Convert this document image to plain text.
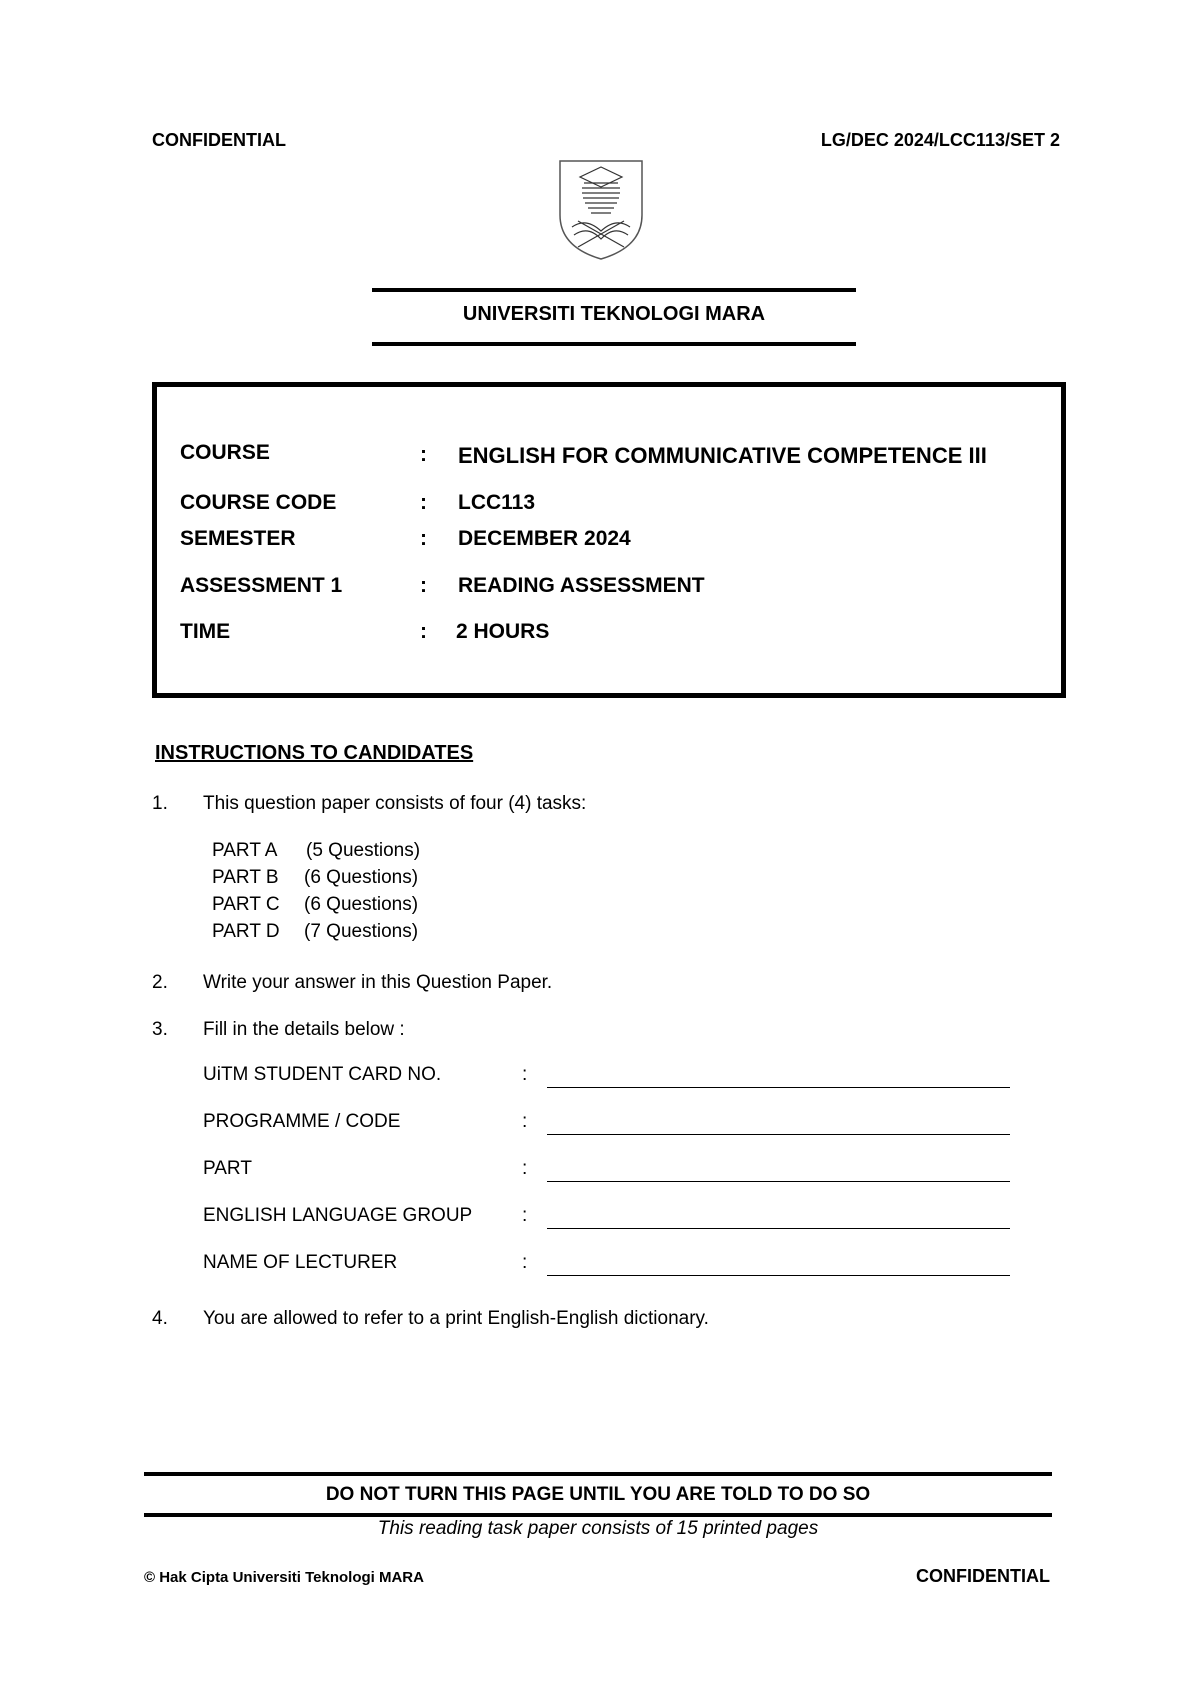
CONFIDENTIAL	LG/DEC 2024/LCC113/SET 2
UNIVERSITI TEKNOLOGI MARA
COURSE	: ENGLISH FOR COMMUNICATIVE COMPETENCE III
COURSE CODE	: LCC113
SEMESTER	: DECEMBER 2024
ASSESSMENT 1	: READING ASSESSMENT
TIME	: 2 HOURS
INSTRUCTIONS TO CANDIDATES
1. This question paper consists of four (4) tasks:
PART A (5 Questions)
PART B (6 Questions)
PART C (6 Questions)
PART D (7 Questions)
2. Write your answer in this Question Paper.
3. Fill in the details below :
UiTM STUDENT CARD NO.	:
PROGRAMME / CODE	:
PART	:
ENGLISH LANGUAGE GROUP	:
NAME OF LECTURER	:
4. You are allowed to refer to a print English-English dictionary.
DO NOT TURN THIS PAGE UNTIL YOU ARE TOLD TO DO SO
This reading task paper consists of 15 printed pages
© Hak Cipta Universiti Teknologi MARA	CONFIDENTIAL
